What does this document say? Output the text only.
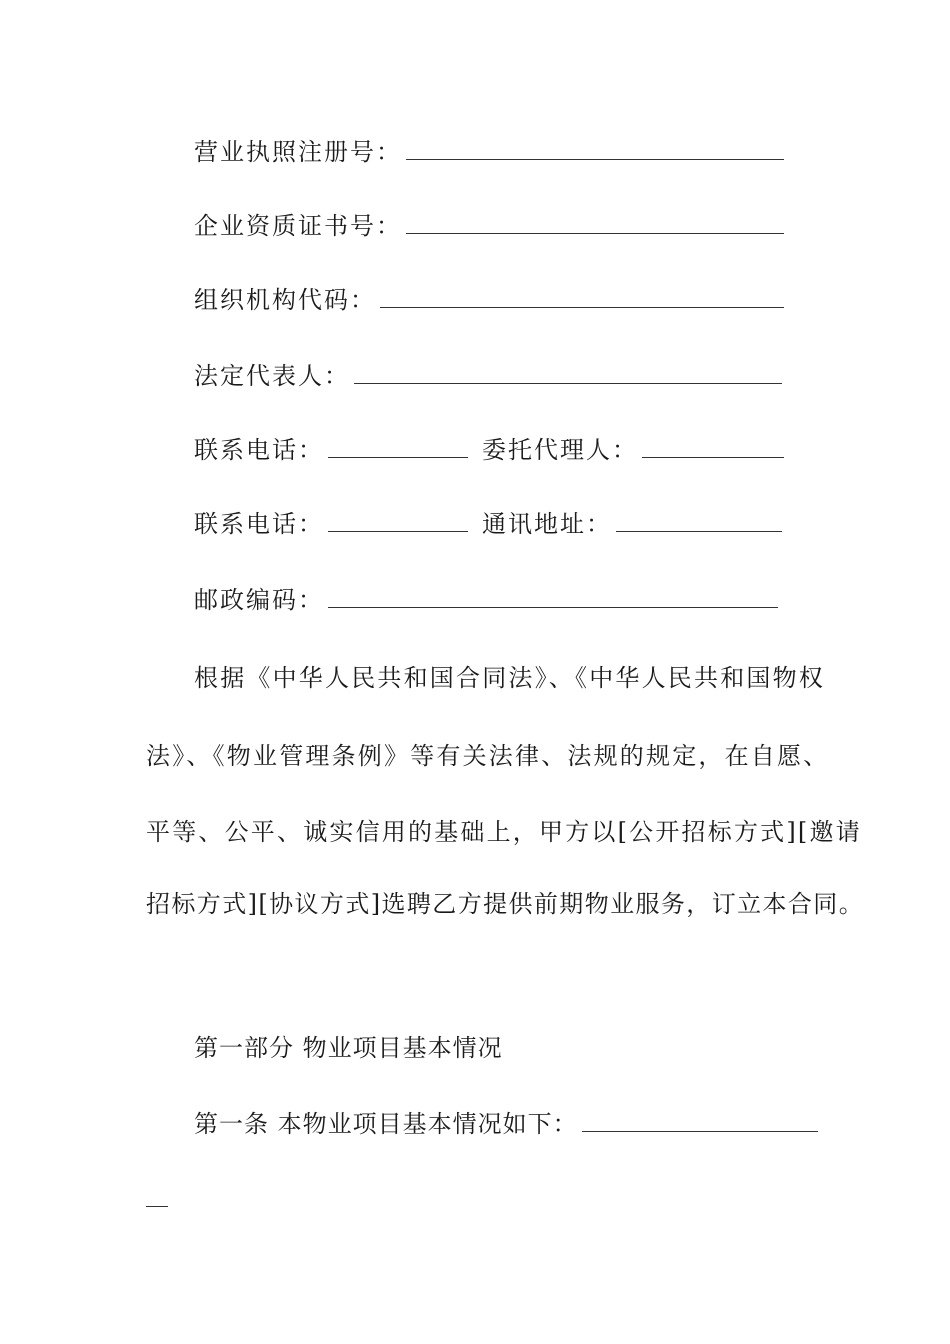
营业执照注册号：
企业资质证书号：
组织机构代码：
法定代表人：
联系电话：	委托代理人：
联系电话：	通讯地址：
邮政编码：
根据《中华人民共和国合同法》、《中华人民共和国物权
法》、《物业管理条例》等有关法律、法规的规定，在自愿、
平等、公平、诚实信用的基础上，甲方以[公开招标方式][邀请
招标方式][协议方式]选聘乙方提供前期物业服务，订立本合同。
第一部分 物业项目基本情况
第一条 本物业项目基本情况如下：
